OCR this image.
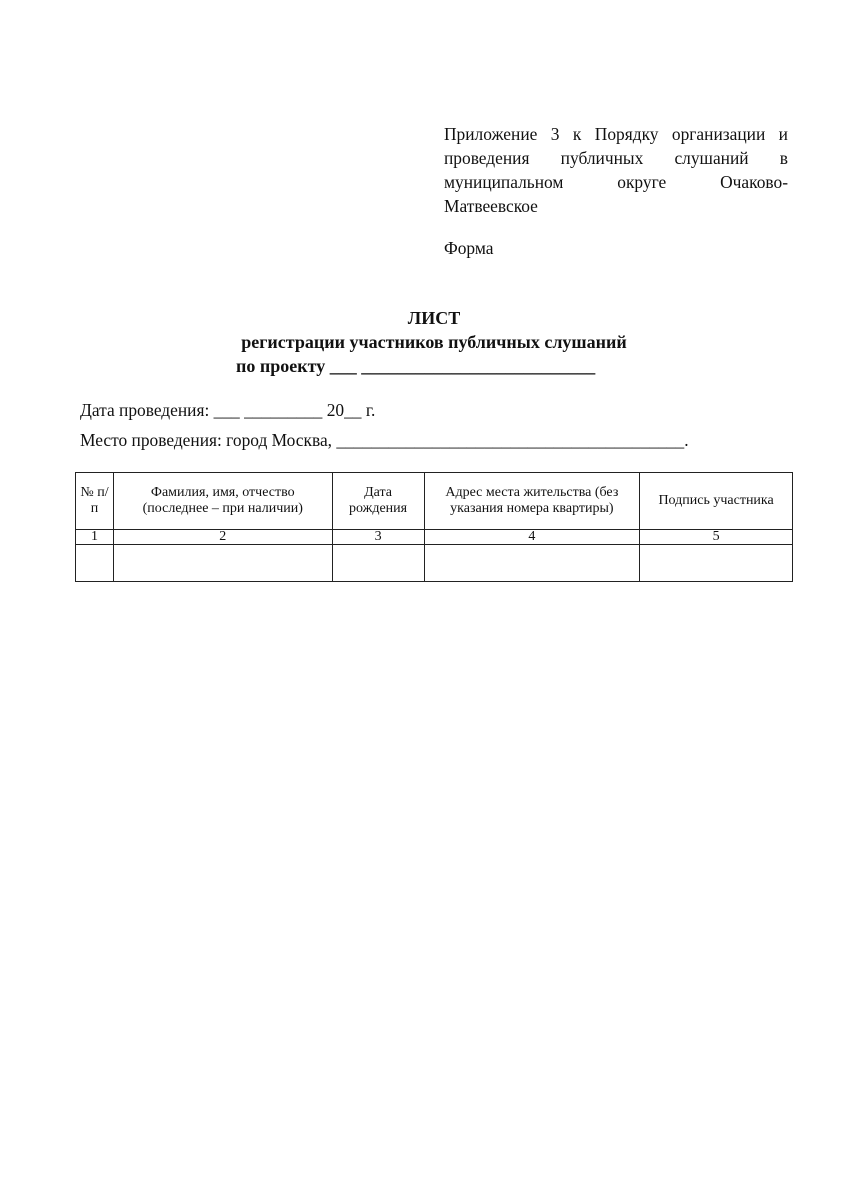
Приложение 3 к Порядку организации и
проведения публичных слушаний в
муниципальном округе Очаково-
Матвеевское
Форма
ЛИСТ
регистрации участников публичных слушаний
по проекту ___ __________________________
Дата проведения: ___ _________ 20__ г.
Место проведения: город Москва, ________________________________________.
№ п/п	Фамилия, имя, отчество (последнее – при наличии)	Дата рождения	Адрес места жительства (без указания номера квартиры)	Подпись участника
1	2	3	4	5
